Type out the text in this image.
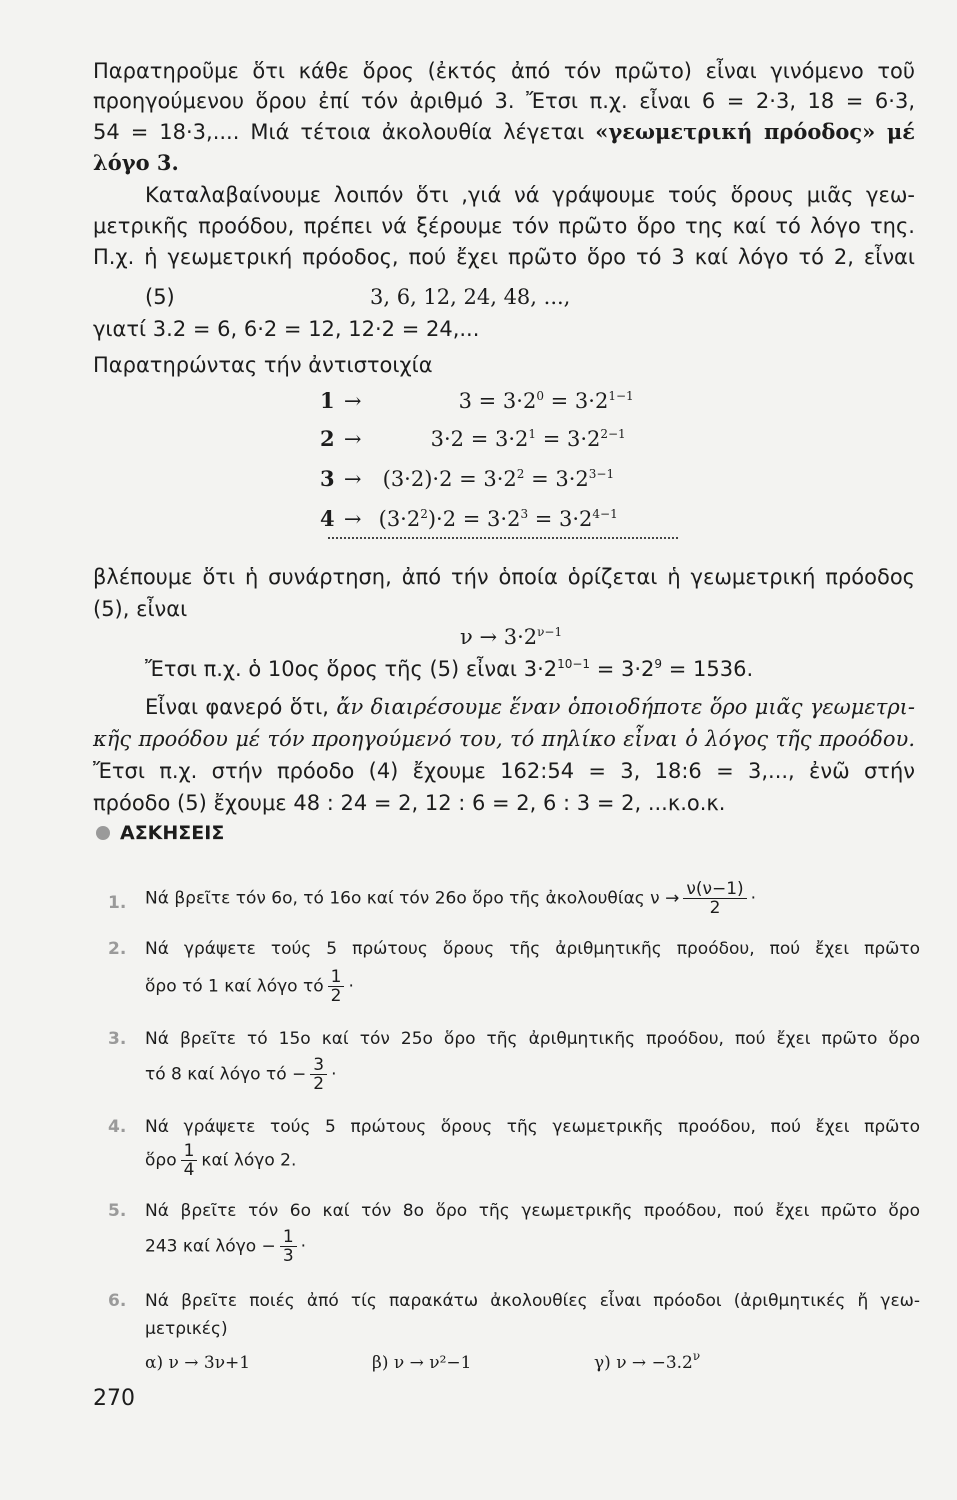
Παρατηροῦμε ὅτι κάθε ὅρος (ἐκτός ἀπό τόν πρῶτο) εἶναι γινόμενο τοῦ
προηγούμενου ὅρου ἐπί τόν ἀριθμό 3. Ἔτσι π.χ. εἶναι 6 = 2·3, 18 = 6·3,
54 = 18·3,.... Μιά τέτοια ἀκολουθία λέγεται «γεωμετρική πρόοδος» μέ
λόγο 3.
Καταλαβαίνουμε λοιπόν ὅτι ,γιά νά γράψουμε τούς ὅρους μιᾶς γεω-
μετρικῆς προόδου, πρέπει νά ξέρουμε τόν πρῶτο ὅρο της καί τό λόγο της.
Π.χ. ἡ γεωμετρική πρόοδος, πού ἔχει πρῶτο ὅρο τό 3 καί λόγο τό 2, εἶναι
(5)	3, 6, 12, 24, 48, ...,
γιατί 3.2 = 6, 6·2 = 12, 12·2 = 24,...
Παρατηρώντας τήν ἀντιστοιχία
1 →	$3 = 3\cdot 2^0 = 3\cdot 2^{1-1}$
2 →	$3\cdot 2 = 3\cdot 2^1 = 3\cdot 2^{2-1}$
$3 \to (3\cdot 2)\cdot 2 = 3\cdot 2^2 = 3\cdot 2^{3-1}$
$4 \to (3\cdot 2^2)\cdot 2 = 3\cdot 2^3 = 3\cdot 2^{4-1}$
βλέπουμε ὅτι ἡ συνάρτηση, ἀπό τήν ὁποία ὁρίζεται ἡ γεωμετρική πρόοδος
(5), εἶναι
$\nu \to 3\cdot 2^{\nu-1}$
Ἔτσι π.χ. ὁ 10ος ὅρος τῆς (5) εἶναι $3\cdot 2^{10-1} = 3\cdot 2^9 = 1536$.
Εἶναι φανερό ὅτι, ἄν διαιρέσουμε ἕναν ὁποιοδήποτε ὅρο μιᾶς γεωμετρι-
κῆς προόδου μέ τόν προηγούμενό του, τό πηλίκο εἶναι ὁ λόγος τῆς προόδου.
Ἔτσι π.χ. στήν πρόοδο (4) ἔχουμε 162:54 = 3, 18:6 = 3,..., ἐνῶ στήν
πρόοδο (5) ἔχουμε 48 : 24 = 2, 12 : 6 = 2, 6 : 3 = 2, ...κ.ο.κ.
ΑΣΚΗΣΕΙΣ
1. Νά βρεῖτε τόν 6ο, τό 16ο καί τόν 26ο ὅρο τῆς ἀκολουθίας $\nu \to \frac{\nu(\nu-1)}{2}$ ·
2. Νά γράψετε τούς 5 πρώτους ὅρους τῆς ἀριθμητικῆς προόδου, πού ἔχει πρῶτο
ὅρο τό 1 καί λόγο τό $\frac{1}{2}$ ·
3. Νά βρεῖτε τό 15ο καί τόν 25ο ὅρο τῆς ἀριθμητικῆς προόδου, πού ἔχει πρῶτο ὅρο
τό 8 καί λόγο $\tau ό - \frac{3}{2}$ ·
4. Νά γράψετε τούς 5 πρώτους ὅρους τῆς γεωμετρικῆς προόδου, πού ἔχει πρῶτο
ὅρο $\frac{1}{4}$ καί λόγο 2.
5. Νά βρεῖτε τόν 6ο καί τόν 8ο ὅρο τῆς γεωμετρικῆς προόδου, πού ἔχει πρῶτο ὅρο
243 καί $\lambda ό\gamma o - \frac{1}{3}$ ·
6. Νά βρεῖτε ποιές ἀπό τίς παρακάτω ἀκολουθίες εἶναι πρόοδοι (ἀριθμητικές ἤ γεω-
μετρικές)
α) ν → 3ν+1	β) ν → ν²−1	γ) $\nu \to -3.2^\nu$
270
